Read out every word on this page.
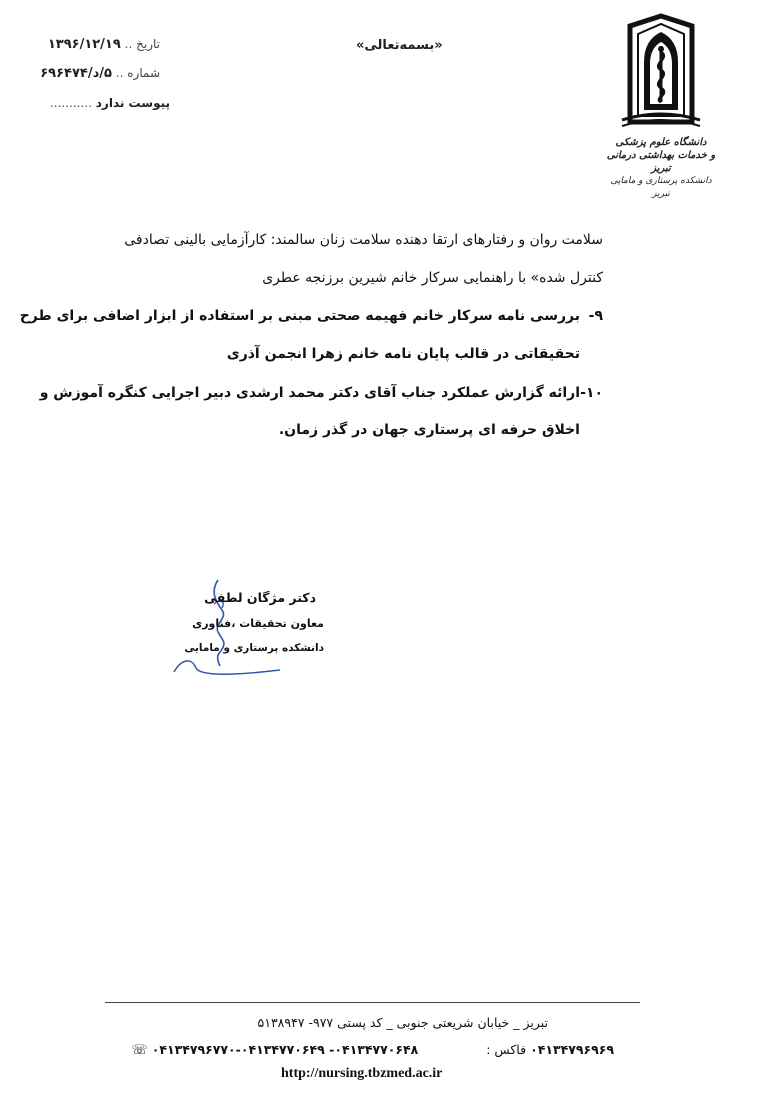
تاریخ .. ۱۳۹۶/۱۲/۱۹
شماره .. ۵/د/۶۹۶۴۷۴
پیوست ندارد ...........
«بسمه‌تعالی»
دانشگاه علوم پزشکی
و خدمات بهداشتی درمانی تبریز
دانشکده پرستاری و مامایی تبریز
سلامت روان و رفتارهای ارتقا دهنده سلامت زنان سالمند: کارآزمایی بالینی تصادفی
کنترل شده» با راهنمایی سرکار خانم شیرین برزنجه عطری
۹-
بررسی نامه سرکار خانم فهیمه صحتی مبنی بر استفاده از ابزار اضافی برای طرح
تحقیقاتی در قالب پایان نامه خانم زهرا انجمن آذری
۱۰-
ارائه گزارش عملکرد جناب آقای دکتر محمد ارشدی دبیر اجرایی کنگره آموزش و
اخلاق حرفه ای پرستاری جهان در گذر زمان.
دکتر مژگان لطفی
معاون تحقیقات ،فناوری
دانشکده پرستاری و مامایی
تبریز _ خیابان شریعتی جنوبی _ کد پستی ۹۷۷- ۵۱۳۸۹۴۷
۰۴۱۳۴۷۹۶۹۶۹ فاکس :  ۰۴۱۳۴۷۷۰۶۴۸- ۰۴۱۳۴۷۷۰۶۴۹-۰۴۱۳۴۷۹۶۷۷۰ ☏
http://nursing.tbzmed.ac.ir
